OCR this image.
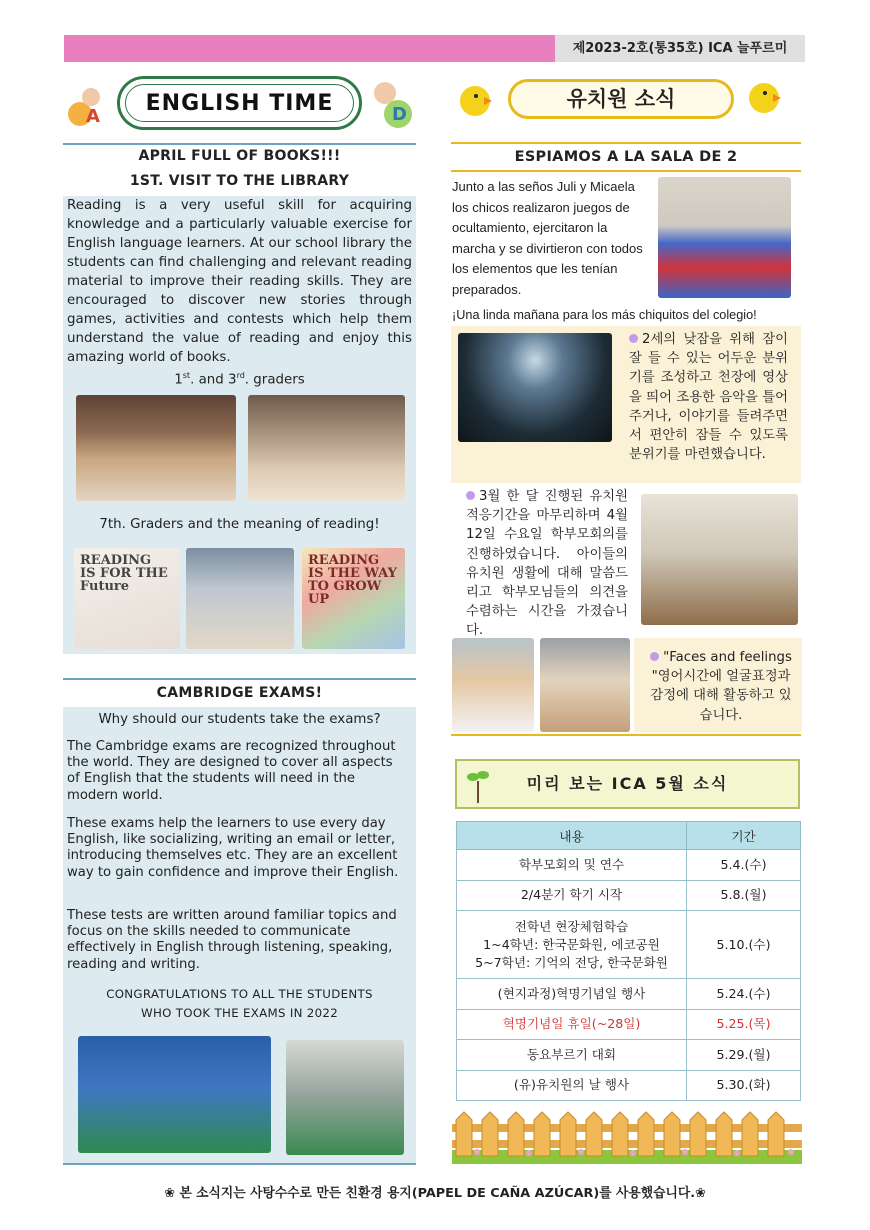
제2023-2호(통35호) ICA 늘푸르미
A
ENGLISH TIME	D
APRIL FULL OF BOOKS!!!
1ST. VISIT TO THE LIBRARY
Reading is a very useful skill for acquiring knowledge and a particularly valuable exercise for English language learners. At our school library the students can find challenging and relevant reading material to improve their reading skills. They are encouraged to discover new stories through games, activities and contests which help them understand the value of reading and enjoy this amazing world of books.
1st. and 3rd. graders
7th. Graders and the meaning of reading!
READING IS FOR THE Future
READING IS THE WAY TO GROW UP
CAMBRIDGE EXAMS!
Why should our students take the exams?
The Cambridge exams are recognized throughout the world. They are designed to cover all aspects of English that the students will need in the modern world.
These exams help the learners to use every day English, like socializing, writing an email or letter, introducing themselves etc. They are an excellent way to gain confidence and improve their English.
These tests are written around familiar topics and focus on the skills needed to communicate effectively in English through listening, speaking, reading and writing.
CONGRATULATIONS TO ALL THE STUDENTS
WHO TOOK THE EXAMS IN 2022
유치원 소식
ESPIAMOS A LA SALA DE 2
Junto a las seños Juli y Micaela los chicos realizaron juegos de ocultamiento, ejercitaron la marcha y se divirtieron con todos los elementos que les tenían preparados.
¡Una linda mañana para los más chiquitos del colegio!
2세의 낮잠을 위해 잠이 잘 들 수 있는 어두운 분위기를 조성하고 천장에 영상을 띄어 조용한 음악을 틀어주거나, 이야기를 들려주면서 편안히 잠들 수 있도록 분위기를 마련했습니다.
3월 한 달 진행된 유치원 적응기간을 마무리하며 4월 12일 수요일 학부모회의를 진행하였습니다. 아이들의 유치원 생활에 대해 말씀드리고 학부모님들의 의견을 수렴하는 시간을 가졌습니다.
"Faces and feelings "영어시간에 얼굴표정과 감정에 대해 활동하고 있습니다.
미리 보는 ICA 5월 소식
내용	기간
학부모회의 및 연수	5.4.(수)
2/4분기 학기 시작	5.8.(월)

전학년 현장체험학습
1~4학년: 한국문화원, 에코공원
5~7학년: 기억의 전당, 한국문화원	5.10.(수)
(현지과정)혁명기념일 행사	5.24.(수)
혁명기념일 휴일(~28일)	5.25.(목)
동요부르기 대회	5.29.(월)
(유)유치원의 날 행사	5.30.(화)
❀ 본 소식지는 사탕수수로 만든 친환경 용지(PAPEL DE CAÑA AZÚCAR)를 사용했습니다.❀
